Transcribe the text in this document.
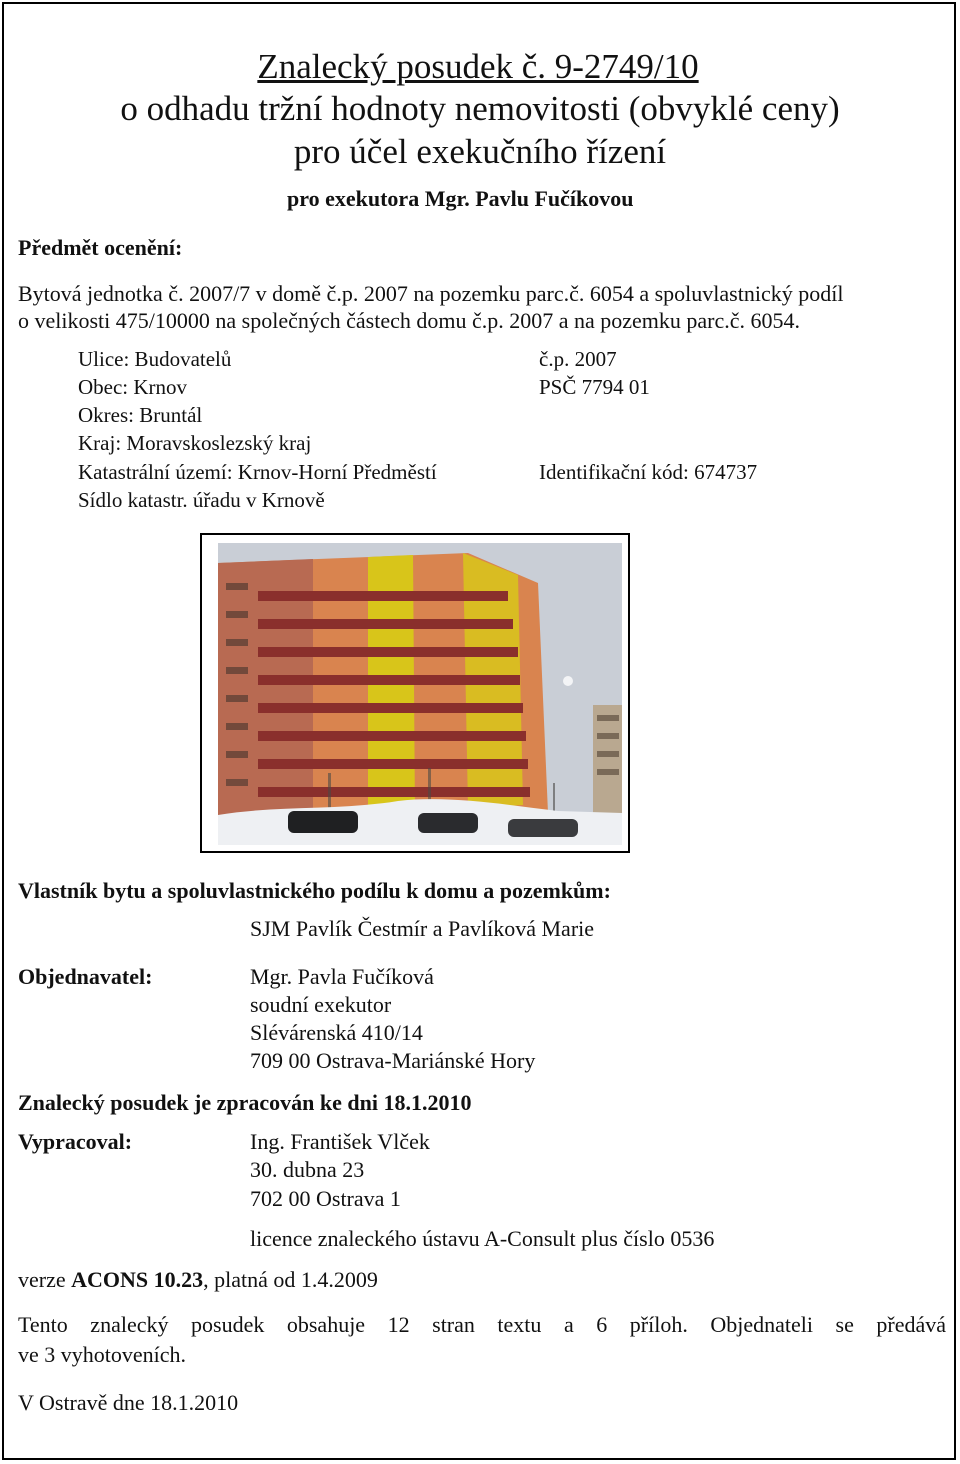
Znalecký posudek č. 9-2749/10
o odhadu tržní hodnoty nemovitosti (obvyklé ceny)
pro účel exekučního řízení
pro exekutora Mgr. Pavlu Fučíkovou
Předmět ocenění:
Bytová jednotka č. 2007/7 v domě č.p. 2007 na pozemku parc.č. 6054 a spoluvlastnický podíl
o velikosti 475/10000 na společných částech domu č.p. 2007 a na pozemku parc.č. 6054.
Ulice: Budovatelů	č.p. 2007
Obec: Krnov	PSČ 7794 01
Okres: Bruntál
Kraj: Moravskoslezský kraj
Katastrální území: Krnov-Horní Předměstí	Identifikační kód: 674737
Sídlo katastr. úřadu v Krnově
Vlastník bytu a spoluvlastnického podílu k domu a pozemkům:
SJM Pavlík Čestmír a Pavlíková Marie
Objednavatel:	Mgr. Pavla Fučíková
soudní exekutor
Slévárenská 410/14
709 00 Ostrava-Mariánské Hory
Znalecký posudek je zpracován ke dni 18.1.2010
Vypracoval:	Ing. František Vlček
30. dubna 23
702 00 Ostrava 1
licence znaleckého ústavu A-Consult plus číslo 0536
verze ACONS 10.23, platná od 1.4.2009
Tento znalecký posudek obsahuje 12 stran textu a 6 příloh. Objednateli se předává
ve 3 vyhotoveních.
V Ostravě dne 18.1.2010
